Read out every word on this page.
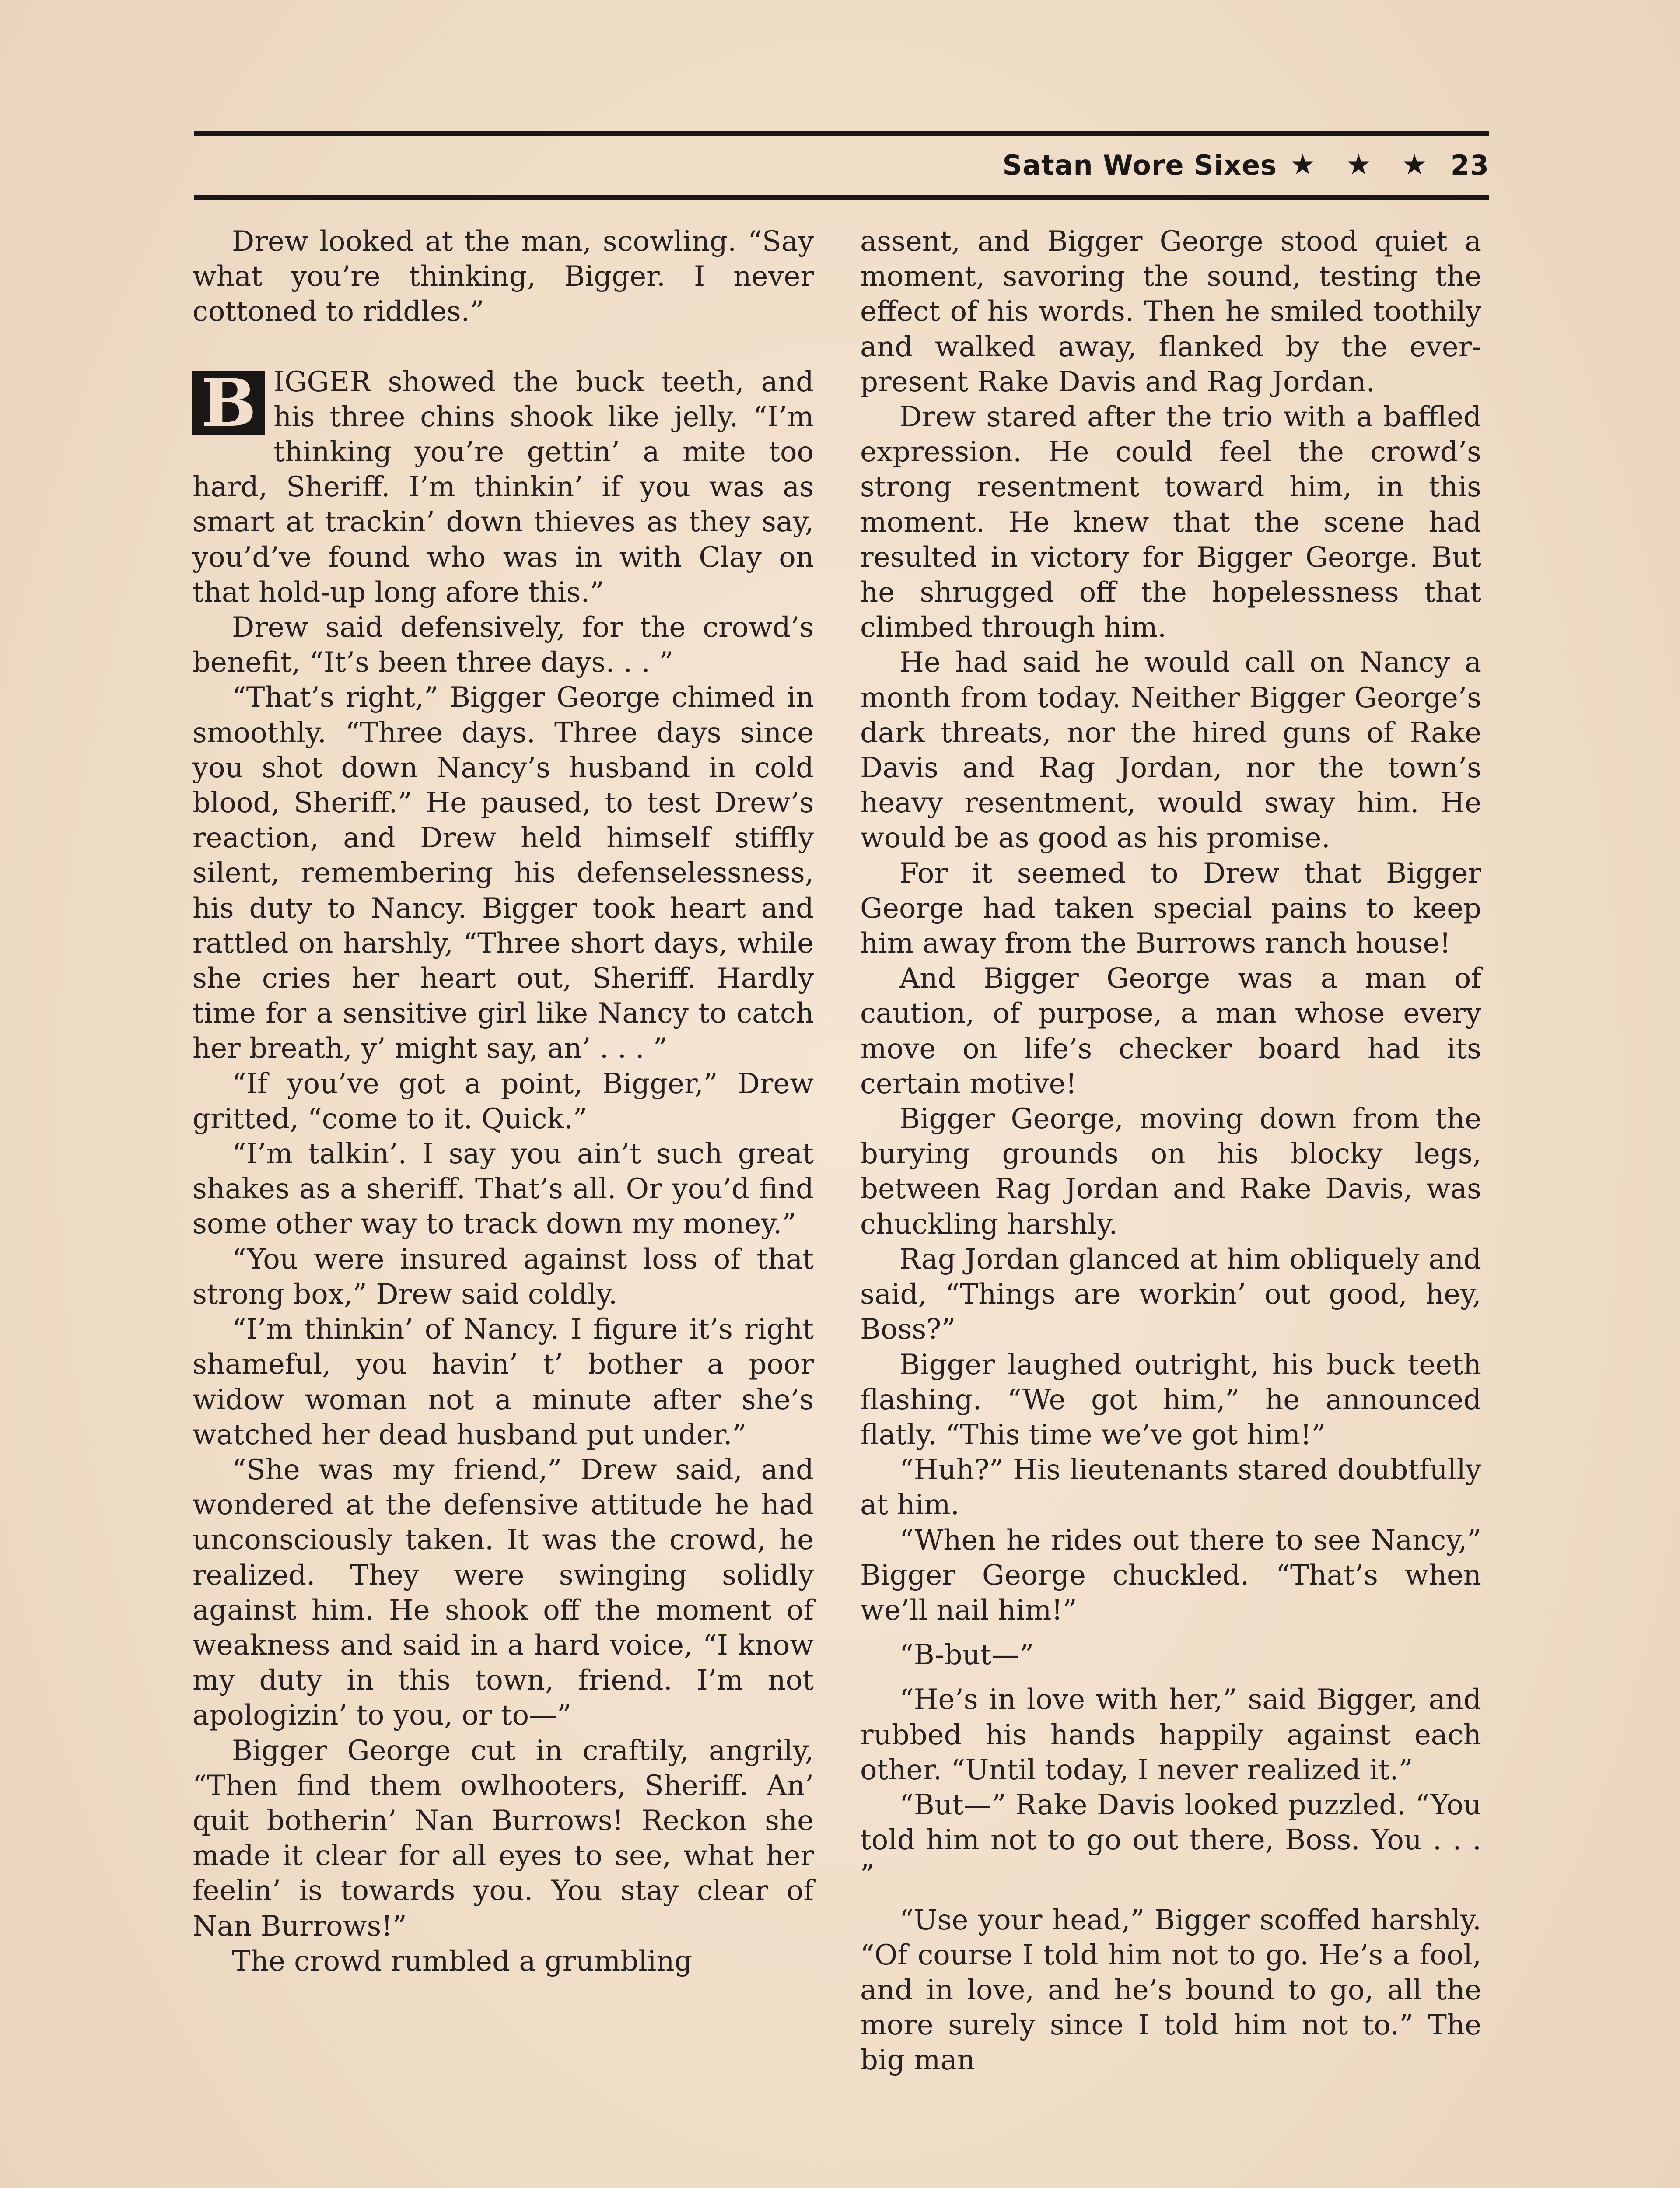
Satan Wore Sixes ★ ★ ★ 23

Drew looked at the man, scowling. “Say what you’re thinking, Bigger. I never cottoned to riddles.”

B IGGER showed the buck teeth, and his three chins shook like jelly. “I’m thinking you’re gettin’ a mite too hard, Sheriff. I’m thinkin’ if you was as smart at trackin’ down thieves as they say, you’d’ve found who was in with Clay on that hold-up long afore this.”

Drew said defensively, for the crowd’s benefit, “It’s been three days. . . ”

“That’s right,” Bigger George chimed in smoothly. “Three days. Three days since you shot down Nancy’s husband in cold blood, Sheriff.” He paused, to test Drew’s reaction, and Drew held himself stiffly silent, remembering his defenselessness, his duty to Nancy. Bigger took heart and rattled on harshly, “Three short days, while she cries her heart out, Sheriff. Hardly time for a sensitive girl like Nancy to catch her breath, y’ might say, an’ . . . ”

“If you’ve got a point, Bigger,” Drew gritted, “come to it. Quick.”

“I’m talkin’. I say you ain’t such great shakes as a sheriff. That’s all. Or you’d find some other way to track down my money.”

“You were insured against loss of that strong box,” Drew said coldly.

“I’m thinkin’ of Nancy. I figure it’s right shameful, you havin’ t’ bother a poor widow woman not a minute after she’s watched her dead husband put under.”

“She was my friend,” Drew said, and wondered at the defensive attitude he had unconsciously taken. It was the crowd, he realized. They were swinging solidly against him. He shook off the moment of weakness and said in a hard voice, “I know my duty in this town, friend. I’m not apologizin’ to you, or to—”

Bigger George cut in craftily, angrily, “Then find them owlhooters, Sheriff. An’ quit botherin’ Nan Burrows! Reckon she made it clear for all eyes to see, what her feelin’ is towards you. You stay clear of Nan Burrows!”

The crowd rumbled a grumbling

assent, and Bigger George stood quiet a moment, savoring the sound, testing the effect of his words. Then he smiled toothily and walked away, flanked by the ever-present Rake Davis and Rag Jordan.

Drew stared after the trio with a baffled expression. He could feel the crowd’s strong resentment toward him, in this moment. He knew that the scene had resulted in victory for Bigger George. But he shrugged off the hopelessness that climbed through him.

He had said he would call on Nancy a month from today. Neither Bigger George’s dark threats, nor the hired guns of Rake Davis and Rag Jordan, nor the town’s heavy resentment, would sway him. He would be as good as his promise.

For it seemed to Drew that Bigger George had taken special pains to keep him away from the Burrows ranch house!

And Bigger George was a man of caution, of purpose, a man whose every move on life’s checker board had its certain motive!

Bigger George, moving down from the burying grounds on his blocky legs, between Rag Jordan and Rake Davis, was chuckling harshly.

Rag Jordan glanced at him obliquely and said, “Things are workin’ out good, hey, Boss?”

Bigger laughed outright, his buck teeth flashing. “We got him,” he announced flatly. “This time we’ve got him!”

“Huh?” His lieutenants stared doubtfully at him.

“When he rides out there to see Nancy,” Bigger George chuckled. “That’s when we’ll nail him!”

“B-but—”

“He’s in love with her,” said Bigger, and rubbed his hands happily against each other. “Until today, I never realized it.”

“But—” Rake Davis looked puzzled. “You told him not to go out there, Boss. You . . . ”

“Use your head,” Bigger scoffed harshly. “Of course I told him not to go. He’s a fool, and in love, and he’s bound to go, all the more surely since I told him not to.” The big man
